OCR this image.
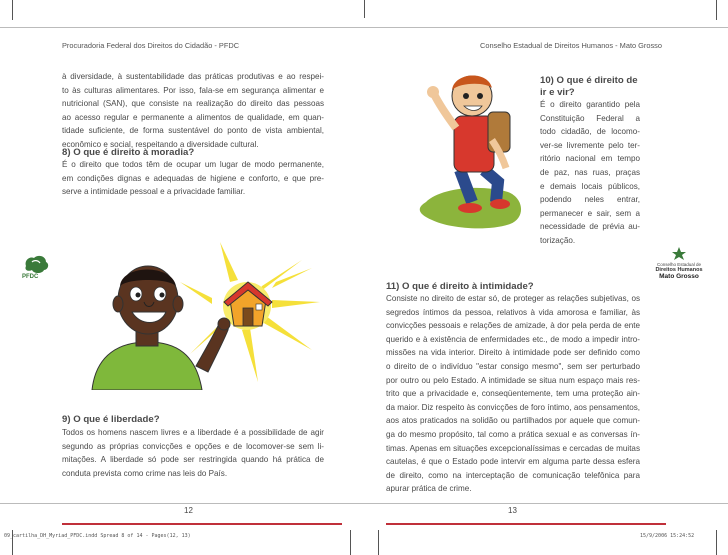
Procuradoria Federal dos Direitos do Cidadão - PFDC	Conselho Estadual de Direitos Humanos - Mato Grosso
à diversidade, à sustentabilidade das práticas produtivas e ao respei-
to às culturas alimentares. Por isso, fala-se em segurança alimentar e
nutricional (SAN), que consiste na realização do direito das pessoas
ao acesso regular e permanente a alimentos de qualidade, em quan-
tidade suficiente, de forma sustentável do ponto de vista ambiental,
econômico e social, respeitando a diversidade cultural.
8) O que é direito à moradia?
É o direito que todos têm de ocupar um lugar de modo permanente,
em condições dignas e adequadas de higiene e conforto, e que pre-
serve a intimidade pessoal e a privacidade familiar.
PFDC
9) O que é liberdade?
Todos os homens nascem livres e a liberdade é a possibilidade de agir
segundo as próprias convicções e opções e de locomover-se sem li-
mitações. A liberdade só pode ser restringida quando há prática de
conduta prevista como crime nas leis do País.
12
10) O que é direito de
ir e vir?
É o direito garantido pela
Constituição Federal a
todo cidadão, de locomo-
ver-se livremente pelo ter-
ritório nacional em tempo
de paz, nas ruas, praças
e demais locais públicos,
podendo neles entrar,
permanecer e sair, sem a
necessidade de prévia au-
torização.
Conselho Estadual de
Direitos Humanos
Mato Grosso
11) O que é direito à intimidade?
Consiste no direito de estar só, de proteger as relações subjetivas, os
segredos íntimos da pessoa, relativos à vida amorosa e familiar, às
convicções pessoais e relações de amizade, à dor pela perda de ente
querido e à existência de enfermidades etc., de modo a impedir intro-
missões na vida interior. Direito à intimidade pode ser definido como
o direito de o indivíduo "estar consigo mesmo", sem ser perturbado
por outro ou pelo Estado. A intimidade se situa num espaço mais res-
trito que a privacidade e, conseqüentemente, tem uma proteção ain-
da maior. Diz respeito às convicções de foro íntimo, aos pensamentos,
aos atos praticados na solidão ou partilhados por aquele que comun-
ga do mesmo propósito, tal como a prática sexual e as conversas ín-
timas. Apenas em situações excepcionalíssimas e cercadas de muitas
cautelas, é que o Estado pode intervir em alguma parte dessa esfera
de direito, como na interceptação de comunicação telefônica para
apurar prática de crime.
13
09_cartilha_DH_Myriad_PFDC.indd Spread 8 of 14 - Pages(12, 13)	15/9/2006 15:24:52
